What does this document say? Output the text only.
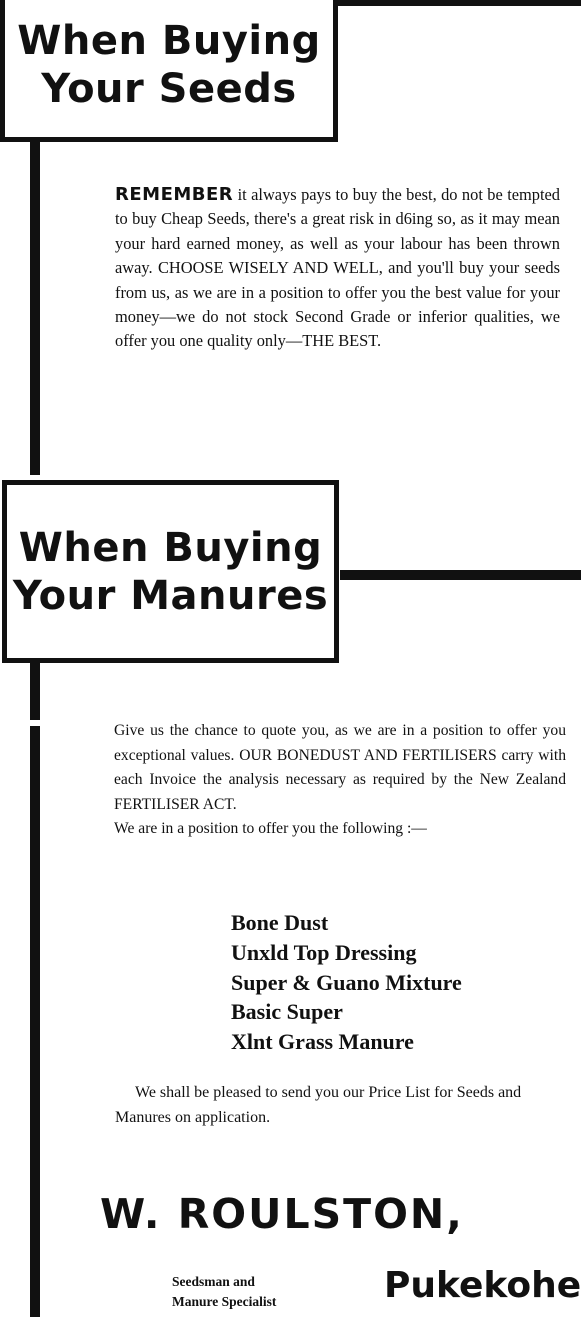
When Buying
Your Seeds
REMEMBER it always pays to buy the best, do not be tempted to buy Cheap Seeds, there's a great risk in d6ing so, as it may mean your hard earned money, as well as your labour has been thrown away. CHOOSE WISELY AND WELL, and you'll buy your seeds from us, as we are in a position to offer you the best value for your money—we do not stock Second Grade or inferior qualities, we offer you one quality only—THE BEST.
When Buying
Your Manures
Give us the chance to quote you, as we are in a position to offer you exceptional values. OUR BONEDUST AND FERTILISERS carry with each Invoice the analysis necessary as required by the New Zealand FERTILISER ACT.
We are in a position to offer you the following :—
Bone Dust
Unxld Top Dressing
Super & Guano Mixture
Basic Super
Xlnt Grass Manure
We shall be pleased to send you our Price List for Seeds and Manures on application.
W. ROULSTON,
Seedsman and
Manure Specialist	Pukekohe
